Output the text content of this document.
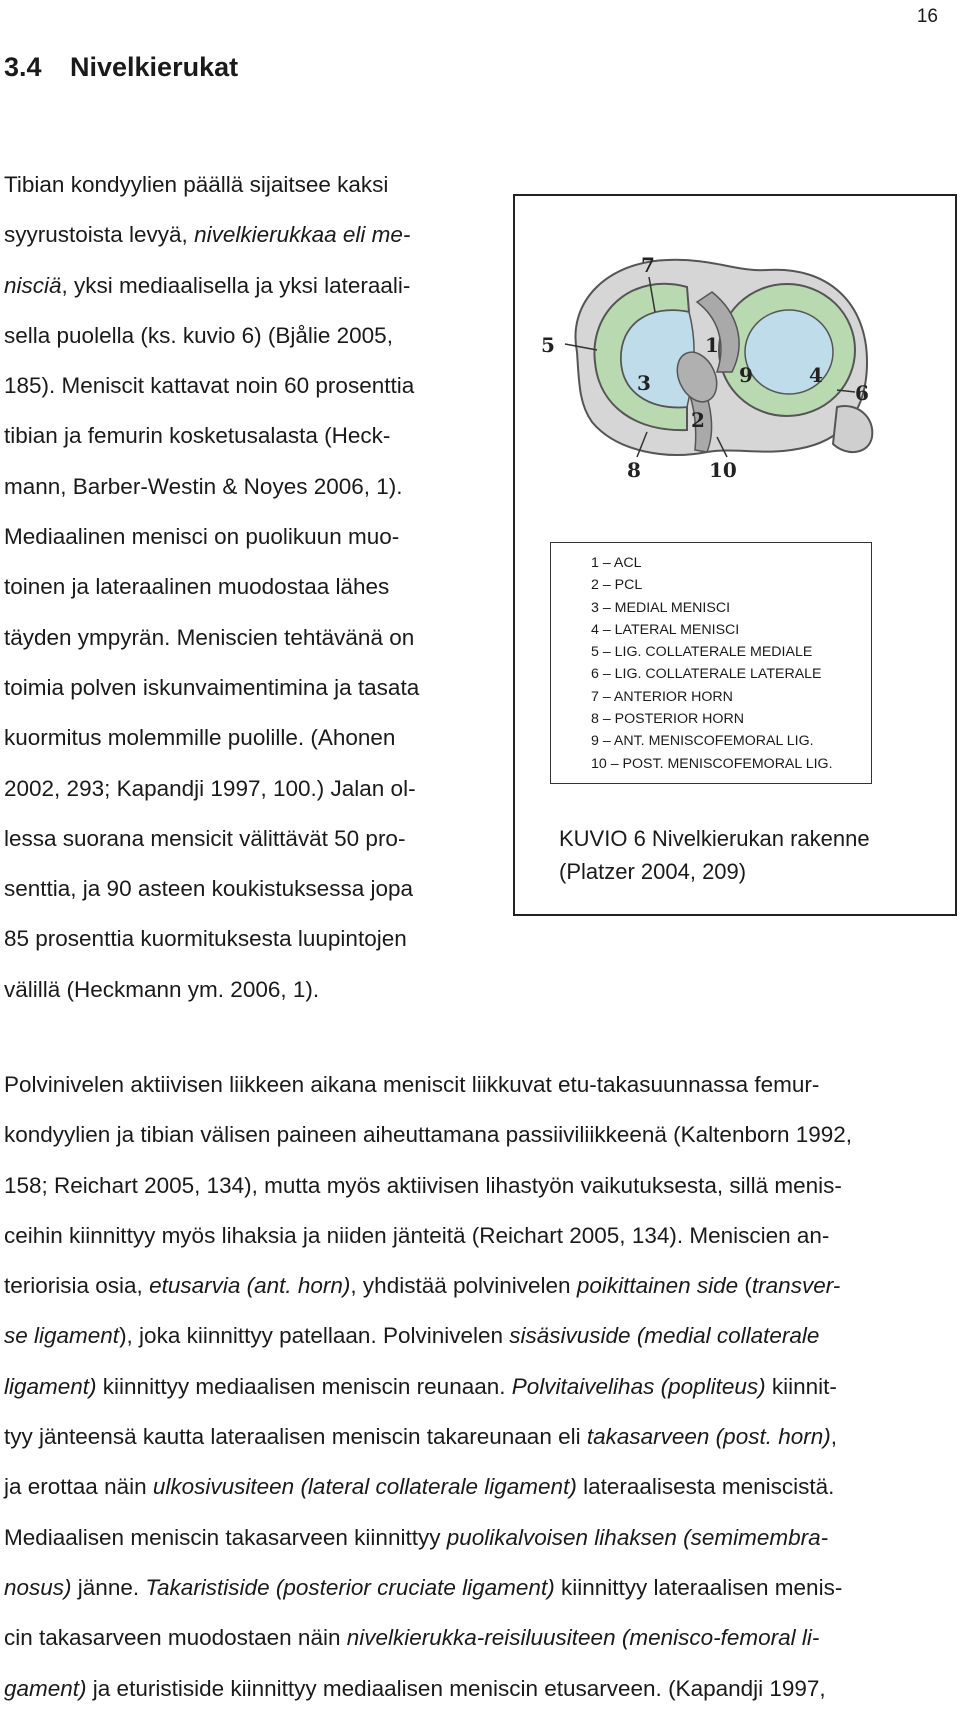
16
3.4 Nivelkierukat

Tibian kondyylien päällä sijaitsee kaksi
syyrustoista levyä, nivelkierukkaa eli me-
nisciä, yksi mediaalisella ja yksi lateraali-
sella puolella (ks. kuvio 6) (Bjålie 2005,
185). Meniscit kattavat noin 60 prosenttia
tibian ja femurin kosketusalasta (Heck-
mann, Barber-Westin & Noyes 2006, 1).
Mediaalinen menisci on puolikuun muo-
toinen ja lateraalinen muodostaa lähes
täyden ympyrän. Meniscien tehtävänä on
toimia polven iskunvaimentimina ja tasata
kuormitus molemmille puolille. (Ahonen
2002, 293; Kapandji 1997, 100.) Jalan ol-
lessa suorana mensicit välittävät 50 pro-
senttia, ja 90 asteen koukistuksessa jopa
85 prosenttia kuormituksesta luupintojen
välillä (Heckmann ym. 2006, 1).

7
5	1
3	9	4
6
2
8	10
1 – ACL
2 – PCL
3 – MEDIAL MENISCI
4 – LATERAL MENISCI
5 – LIG. COLLATERALE MEDIALE
6 – LIG. COLLATERALE LATERALE
7 – ANTERIOR HORN
8 – POSTERIOR HORN
9 – ANT. MENISCOFEMORAL LIG.
10 – POST. MENISCOFEMORAL LIG.

KUVIO 6 Nivelkierukan rakenne
(Platzer 2004, 209)

Polvinivelen aktiivisen liikkeen aikana meniscit liikkuvat etu-takasuunnassa femur-
kondyylien ja tibian välisen paineen aiheuttamana passiiviliikkeenä (Kaltenborn 1992,
158; Reichart 2005, 134), mutta myös aktiivisen lihastyön vaikutuksesta, sillä menis-
ceihin kiinnittyy myös lihaksia ja niiden jänteitä (Reichart 2005, 134). Meniscien an-
teriorisia osia, etusarvia (ant. horn), yhdistää polvinivelen poikittainen side (transver-
se ligament), joka kiinnittyy patellaan. Polvinivelen sisäsivuside (medial collaterale
ligament) kiinnittyy mediaalisen meniscin reunaan. Polvitaivelihas (popliteus) kiinnit-
tyy jänteensä kautta lateraalisen meniscin takareunaan eli takasarveen (post. horn),
ja erottaa näin ulkosivusiteen (lateral collaterale ligament) lateraalisesta meniscistä.
Mediaalisen meniscin takasarveen kiinnittyy puolikalvoisen lihaksen (semimembra-
nosus) jänne. Takaristiside (posterior cruciate ligament) kiinnittyy lateraalisen menis-
cin takasarveen muodostaen näin nivelkierukka-reisiluusiteen (menisco-femoral li-
gament) ja eturistiside kiinnittyy mediaalisen meniscin etusarveen. (Kapandji 1997,
